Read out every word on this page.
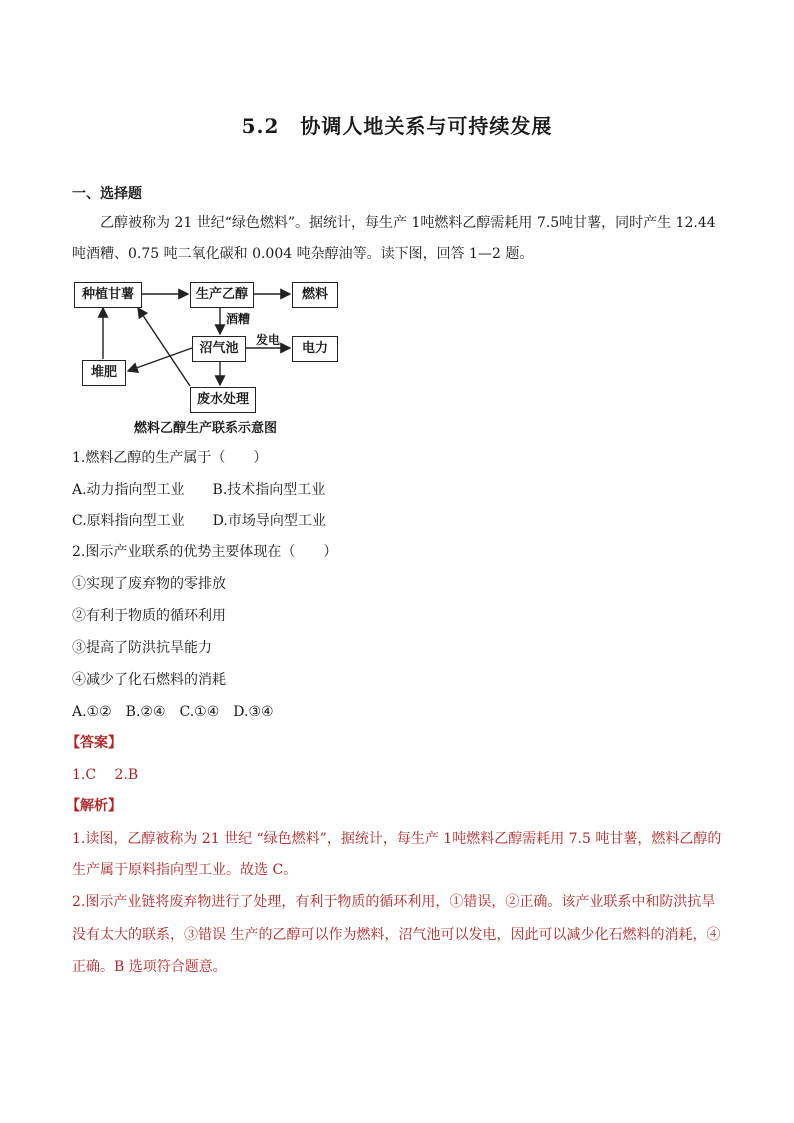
5.2　协调人地关系与可持续发展
一、选择题
乙醇被称为 21 世纪“绿色燃料”。据统计，每生产 1吨燃料乙醇需耗用 7.5吨甘薯，同时产生 12.44
吨酒糟、0.75 吨二氧化碳和 0.004 吨杂醇油等。读下图，回答 1—2 题。
种植甘薯	生产乙醇	燃料
酒糟
沼气池
发电
电力
堆肥
废水处理
燃料乙醇生产联系示意图
1.燃料乙醇的生产属于（　　）
A.动力指向型工业　　B.技术指向型工业
C.原料指向型工业　　D.市场导向型工业
2.图示产业联系的优势主要体现在（　　）
①实现了废弃物的零排放
②有利于物质的循环利用
③提高了防洪抗旱能力
④减少了化石燃料的消耗
A.①②　B.②④　C.①④　D.③④
【答案】
1.C　 2.B
【解析】
1.读图，乙醇被称为 21 世纪 “绿色燃料”，据统计，每生产 1吨燃料乙醇需耗用 7.5 吨甘薯，燃料乙醇的
生产属于原料指向型工业。故选 C。
2.图示产业链将废弃物进行了处理，有利于物质的循环利用，①错误，②正确。该产业联系中和防洪抗旱
没有太大的联系，③错误 生产的乙醇可以作为燃料，沼气池可以发电，因此可以减少化石燃料的消耗，④
正确。B 选项符合题意。
